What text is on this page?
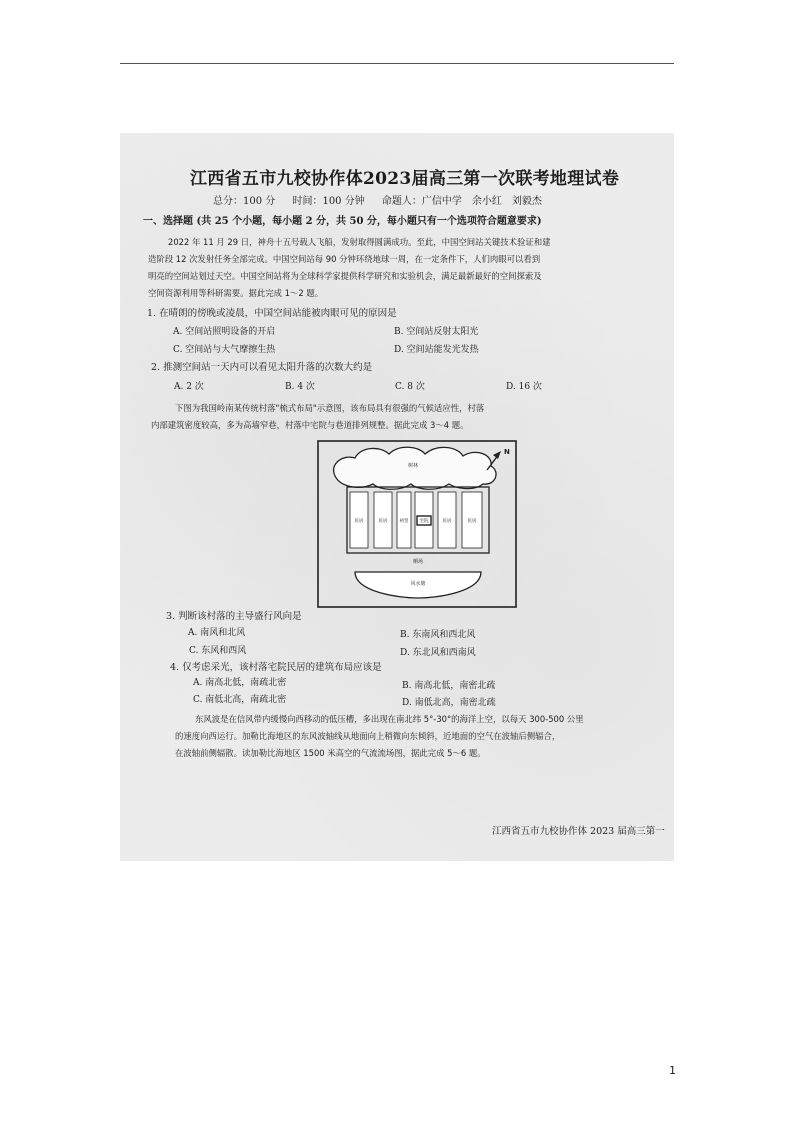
江西省五市九校协作体2023届高三第一次联考地理试卷
总分：100 分 时间：100 分钟 命题人：广信中学　余小红　刘毅杰
一、选择题 (共 25 个小题，每小题 2 分，共 50 分，每小题只有一个选项符合题意要求)
2022 年 11 月 29 日，神舟十五号载人飞船，发射取得圆满成功。至此，中国空间站关键技术验证和建
造阶段 12 次发射任务全部完成。中国空间站每 90 分钟环绕地球一周，在一定条件下，人们肉眼可以看到
明亮的空间站划过天空。中国空间站将为全球科学家提供科学研究和实验机会，满足最新最好的空间探索及
空间资源利用等科研需要。据此完成 1～2 题。
1. 在晴朗的傍晚或凌晨，中国空间站能被肉眼可见的原因是
A. 空间站照明设备的开启	B. 空间站反射太阳光
C. 空间站与大气摩擦生热	D. 空间站能发光发热
2. 推测空间站一天内可以看见太阳升落的次数大约是
A. 2 次	B. 4 次	C. 8 次	D. 16 次
下图为我国岭南某传统村落"梳式布局"示意图，该布局具有很强的气候适应性，村落
内部建筑密度较高，多为高墙窄巷，村落中宅院与巷道排列规整。据此完成 3～4 题。
树林
N
民居	民居	祠堂 宅院	民居	民居
晒场
风水塘
3. 判断该村落的主导盛行风向是
A. 南风和北风	B. 东南风和西北风
C. 东风和西风	D. 东北风和西南风
4. 仅考虑采光，该村落宅院民居的建筑布局应该是
A. 南高北低，南疏北密	B. 南高北低，南密北疏
C. 南低北高，南疏北密	D. 南低北高，南密北疏
东风波是在信风带内缓慢向西移动的低压槽，多出现在南北纬 5°-30°的海洋上空，以每天 300-500 公里
的速度向西运行。加勒比海地区的东风波轴线从地面向上稍微向东倾斜，近地面的空气在波轴后侧辐合，
在波轴前侧辐散。读加勒比海地区 1500 米高空的气流流场图，据此完成 5～6 题。
江西省五市九校协作体 2023 届高三第一
1
